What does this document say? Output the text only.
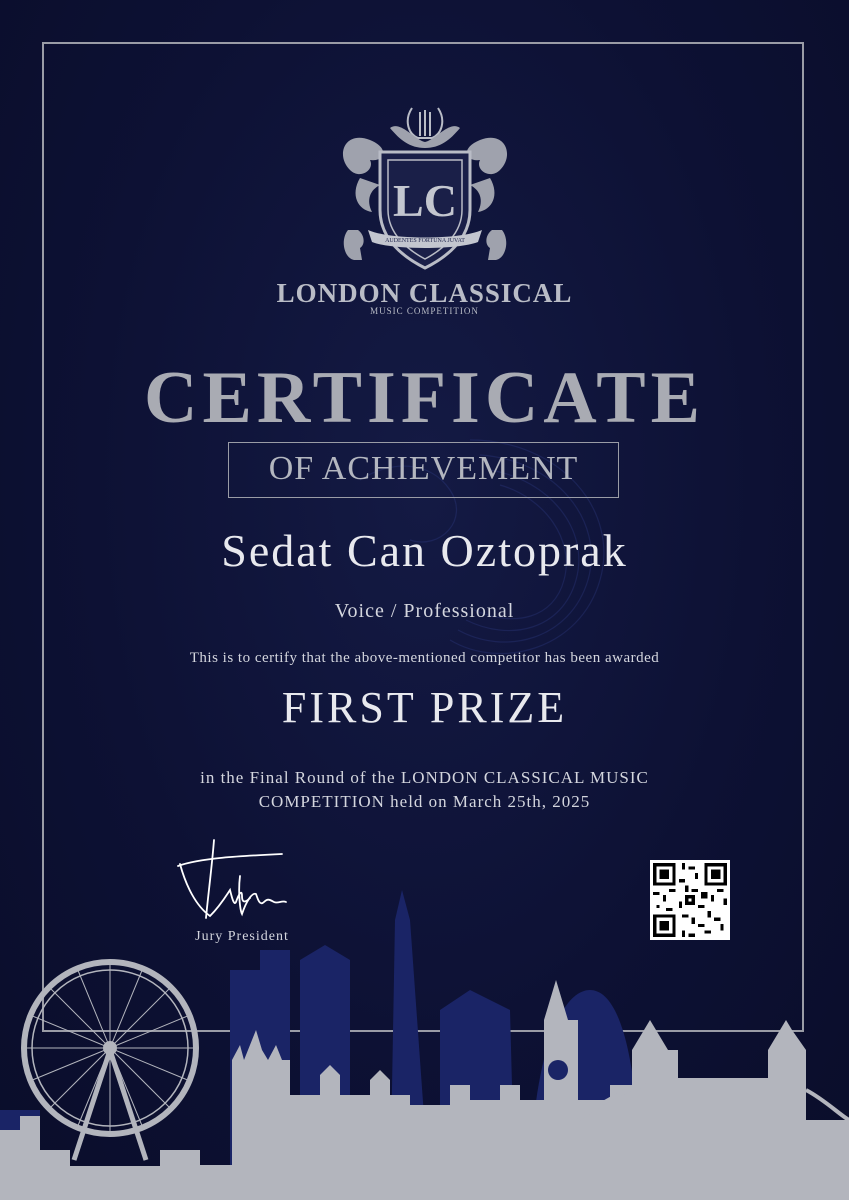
LC
AUDENTES FORTUNA JUVAT
LONDON CLASSICAL
MUSIC COMPETITION
CERTIFICATE
OF ACHIEVEMENT
Sedat Can Oztoprak
Voice / Professional
This is to certify that the above-mentioned competitor has been awarded
FIRST PRIZE
in the Final Round of the LONDON CLASSICAL MUSIC
COMPETITION held on March 25th, 2025
Jury President
